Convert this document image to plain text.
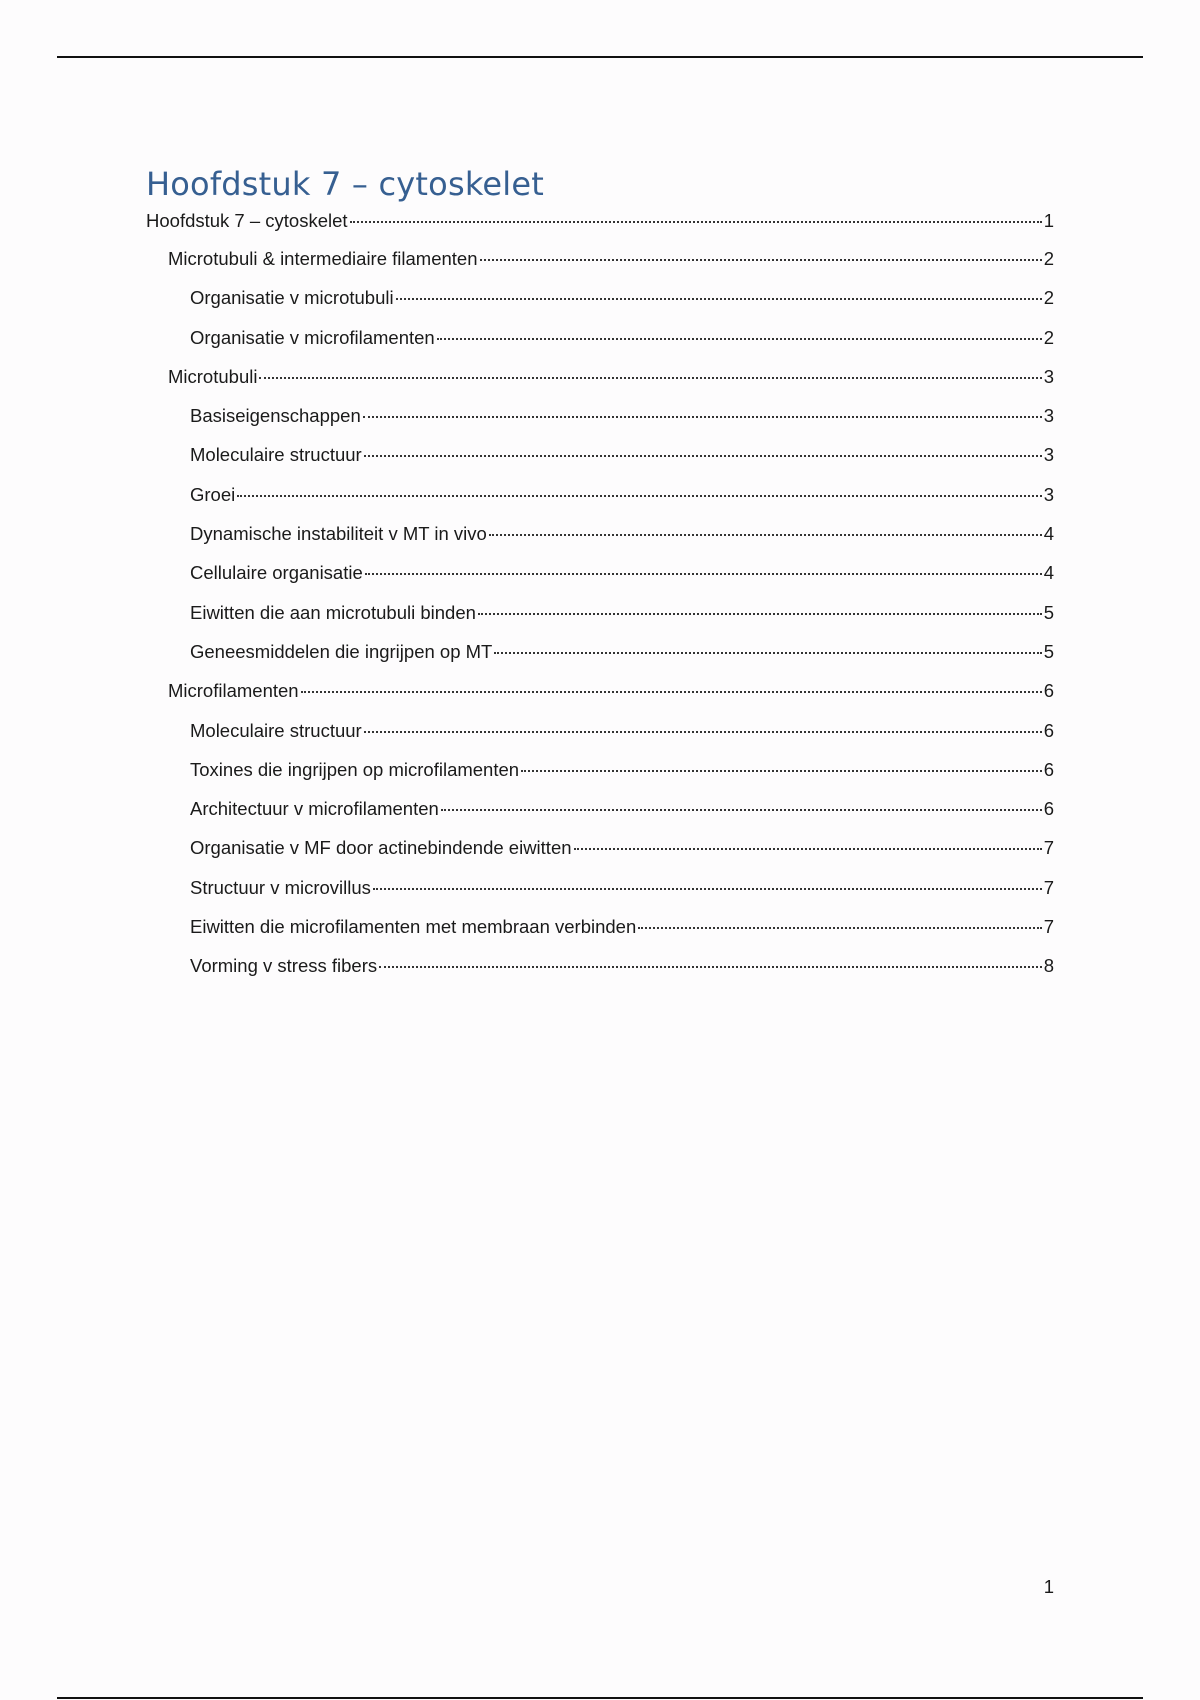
Hoofdstuk 7 – cytoskelet
Hoofdstuk 7 – cytoskelet	1
Microtubuli & intermediaire filamenten	2
Organisatie v microtubuli	2
Organisatie v microfilamenten	2
Microtubuli	3
Basiseigenschappen	3
Moleculaire structuur	3
Groei	3
Dynamische instabiliteit v MT in vivo	4
Cellulaire organisatie	4
Eiwitten die aan microtubuli binden	5
Geneesmiddelen die ingrijpen op MT	5
Microfilamenten	6
Moleculaire structuur	6
Toxines die ingrijpen op microfilamenten	6
Architectuur v microfilamenten	6
Organisatie v MF door actinebindende eiwitten	7
Structuur v microvillus	7
Eiwitten die microfilamenten met membraan verbinden	7
Vorming v stress fibers	8
1
